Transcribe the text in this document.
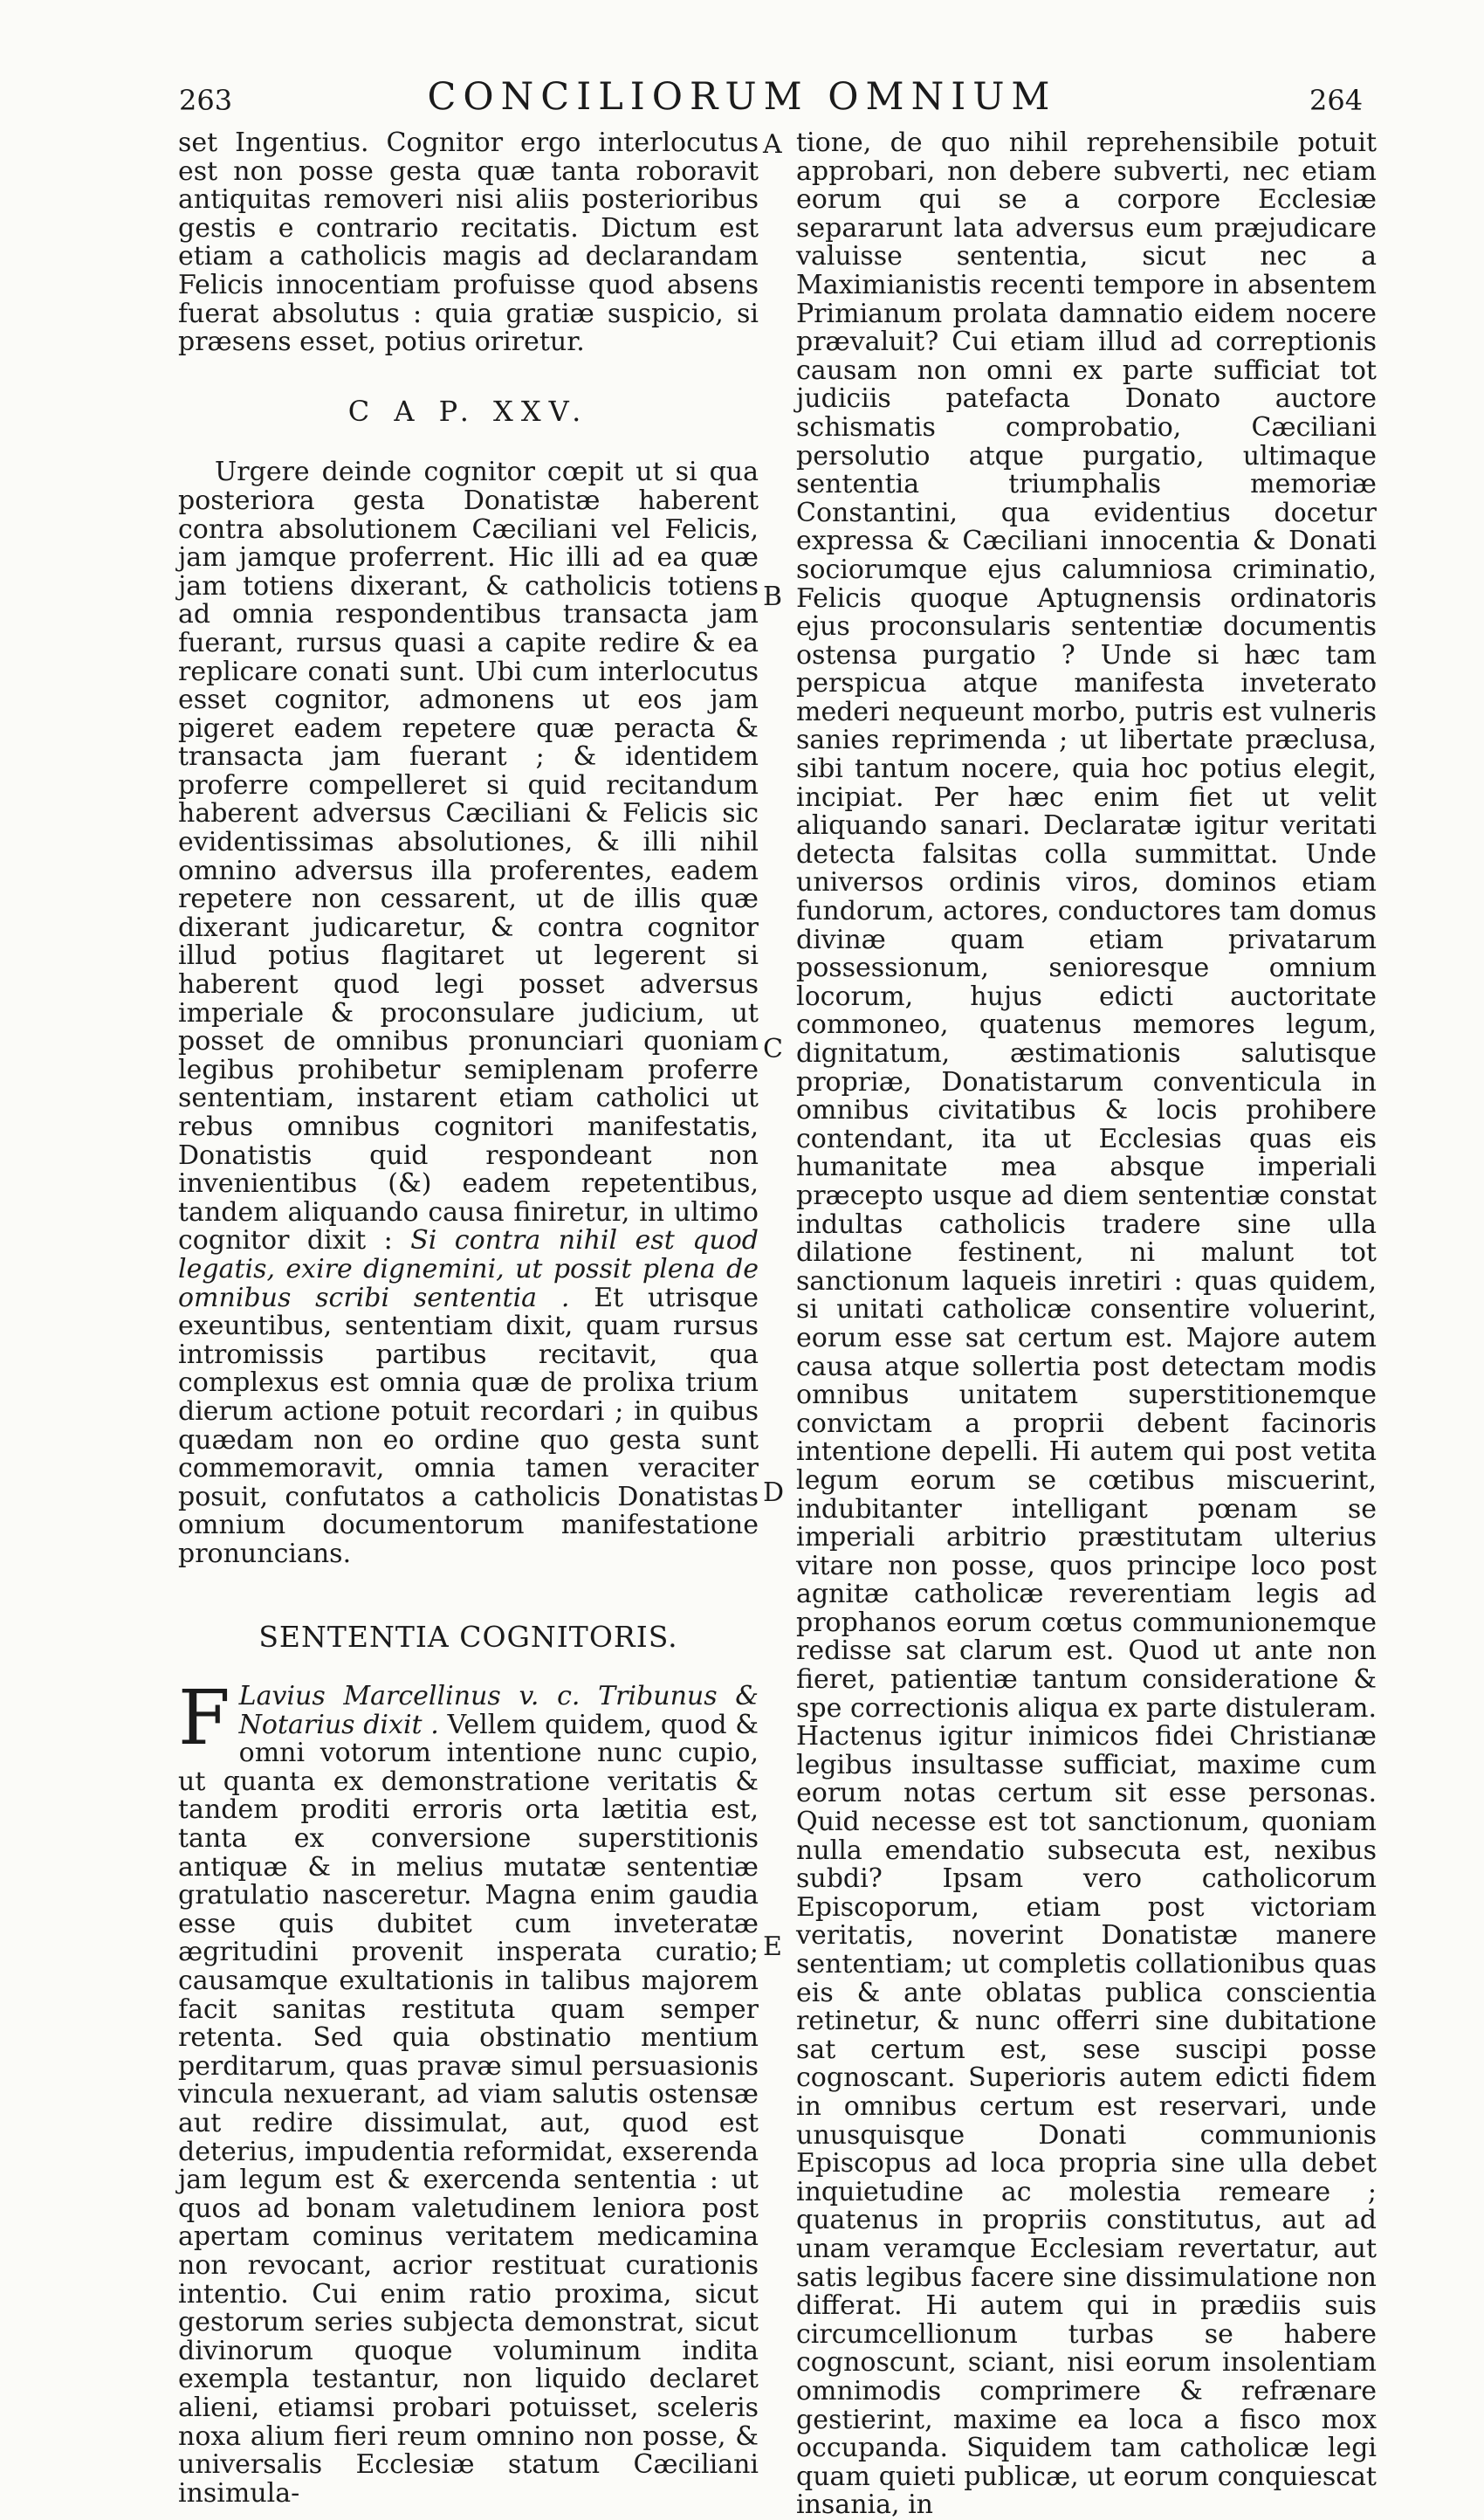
263	CONCILIORUM OMNIUM	264
A
B
C
D
E

set Ingentius. Cognitor ergo interlocutus est non posse gesta quæ tanta roboravit antiquitas removeri nisi aliis posterioribus gestis e contrario recitatis. Dictum est etiam a catholicis magis ad declarandam Felicis innocentiam profuisse quod absens fuerat absolutus : quia gratiæ suspicio, si præsens esset, potius oriretur.

C A P. XXV.

Urgere deinde cognitor cœpit ut si qua posteriora gesta Donatistæ haberent contra absolutionem Cæciliani vel Felicis, jam jamque proferrent. Hic illi ad ea quæ jam totiens dixerant, & catholicis totiens ad omnia respondentibus transacta jam fuerant, rursus quasi a capite redire & ea replicare conati sunt. Ubi cum interlocutus esset cognitor, admonens ut eos jam pigeret eadem repetere quæ peracta & transacta jam fuerant ; & identidem proferre compelleret si quid recitandum haberent adversus Cæciliani & Felicis sic evidentissimas absolutiones, & illi nihil omnino adversus illa proferentes, eadem repetere non cessarent, ut de illis quæ dixerant judicaretur, & contra cognitor illud potius flagitaret ut legerent si haberent quod legi posset adversus imperiale & proconsulare judicium, ut posset de omnibus pronunciari quoniam legibus prohibetur semiplenam proferre sententiam, instarent etiam catholici ut rebus omnibus cognitori manifestatis, Donatistis quid respondeant non invenientibus (&) eadem repetentibus, tandem aliquando causa finiretur, in ultimo cognitor dixit : Si contra nihil est quod legatis, exire dignemini, ut possit plena de omnibus scribi sententia . Et utrisque exeuntibus, sententiam dixit, quam rursus intromissis partibus recitavit, qua complexus est omnia quæ de prolixa trium dierum actione potuit recordari ; in quibus quædam non eo ordine quo gesta sunt commemoravit, omnia tamen veraciter posuit, confutatos a catholicis Donatistas omnium documentorum manifestatione pronuncians.

SENTENTIA COGNITORIS.

F Lavius Marcellinus v. c. Tribunus & Notarius dixit . Vellem quidem, quod & omni votorum intentione nunc cupio, ut quanta ex demonstratione veritatis & tandem proditi erroris orta lætitia est, tanta ex conversione superstitionis antiquæ & in melius mutatæ sententiæ gratulatio nasceretur. Magna enim gaudia esse quis dubitet cum inveteratæ ægritudini provenit insperata curatio; causamque exultationis in talibus majorem facit sanitas restituta quam semper retenta. Sed quia obstinatio mentium perditarum, quas pravæ simul persuasionis vincula nexuerant, ad viam salutis ostensæ aut redire dissimulat, aut, quod est deterius, impudentia reformidat, exserenda jam legum est & exercenda sententia : ut quos ad bonam valetudinem leniora post apertam cominus veritatem medicamina non revocant, acrior restituat curationis intentio. Cui enim ratio proxima, sicut gestorum series subjecta demonstrat, sicut divinorum quoque voluminum indita exempla testantur, non liquido declaret alieni, etiamsi probari potuisset, sceleris noxa alium fieri reum omnino non posse, & universalis Ecclesiæ statum Cæciliani insimula-

tione, de quo nihil reprehensibile potuit approbari, non debere subverti, nec etiam eorum qui se a corpore Ecclesiæ separarunt lata adversus eum præjudicare valuisse sententia, sicut nec a Maximianistis recenti tempore in absentem Primianum prolata damnatio eidem nocere prævaluit? Cui etiam illud ad correptionis causam non omni ex parte sufficiat tot judiciis patefacta Donato auctore schismatis comprobatio, Cæciliani persolutio atque purgatio, ultimaque sententia triumphalis memoriæ Constantini, qua evidentius docetur expressa & Cæciliani innocentia & Donati sociorumque ejus calumniosa criminatio, Felicis quoque Aptugnensis ordinatoris ejus proconsularis sententiæ documentis ostensa purgatio ? Unde si hæc tam perspicua atque manifesta inveterato mederi nequeunt morbo, putris est vulneris sanies reprimenda ; ut libertate præclusa, sibi tantum nocere, quia hoc potius elegit, incipiat. Per hæc enim fiet ut velit aliquando sanari. Declaratæ igitur veritati detecta falsitas colla summittat. Unde universos ordinis viros, dominos etiam fundorum, actores, conductores tam domus divinæ quam etiam privatarum possessionum, senioresque omnium locorum, hujus edicti auctoritate commoneo, quatenus memores legum, dignitatum, æstimationis salutisque propriæ, Donatistarum conventicula in omnibus civitatibus & locis prohibere contendant, ita ut Ecclesias quas eis humanitate mea absque imperiali præcepto usque ad diem sententiæ constat indultas catholicis tradere sine ulla dilatione festinent, ni malunt tot sanctionum laqueis inretiri : quas quidem, si unitati catholicæ consentire voluerint, eorum esse sat certum est. Majore autem causa atque sollertia post detectam modis omnibus unitatem superstitionemque convictam a proprii debent facinoris intentione depelli. Hi autem qui post vetita legum eorum se cœtibus miscuerint, indubitanter intelligant pœnam se imperiali arbitrio præstitutam ulterius vitare non posse, quos principe loco post agnitæ catholicæ reverentiam legis ad prophanos eorum cœtus communionemque redisse sat clarum est. Quod ut ante non fieret, patientiæ tantum consideratione & spe correctionis aliqua ex parte distuleram. Hactenus igitur inimicos fidei Christianæ legibus insultasse sufficiat, maxime cum eorum notas certum sit esse personas. Quid necesse est tot sanctionum, quoniam nulla emendatio subsecuta est, nexibus subdi? Ipsam vero catholicorum Episcoporum, etiam post victoriam veritatis, noverint Donatistæ manere sententiam; ut completis collationibus quas eis & ante oblatas publica conscientia retinetur, & nunc offerri sine dubitatione sat certum est, sese suscipi posse cognoscant. Superioris autem edicti fidem in omnibus certum est reservari, unde unusquisque Donati communionis Episcopus ad loca propria sine ulla debet inquietudine ac molestia remeare ; quatenus in propriis constitutus, aut ad unam veramque Ecclesiam revertatur, aut satis legibus facere sine dissimulatione non differat. Hi autem qui in prædiis suis circumcellionum turbas se habere cognoscunt, sciant, nisi eorum insolentiam omnimodis comprimere & refrænare gestierint, maxime ea loca a fisco mox occupanda. Siquidem tam catholicæ legi quam quieti publicæ, ut eorum conquiescat insania, in
